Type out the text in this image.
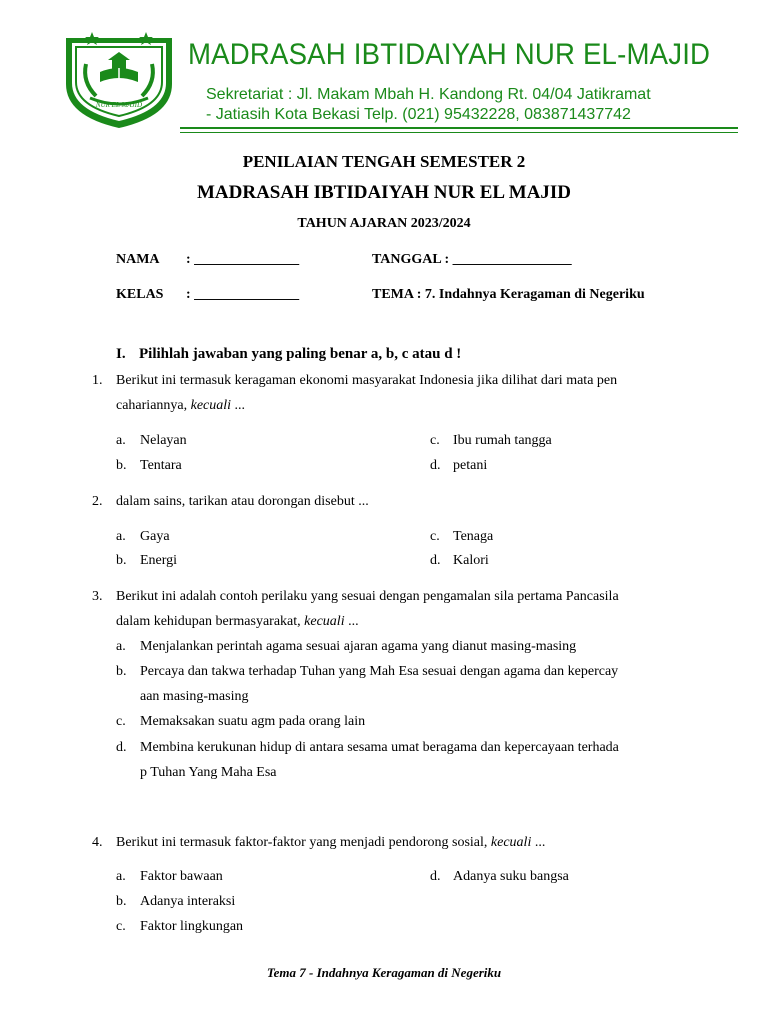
NUR EL MAJID
MADRASAH IBTIDAIYAH NUR EL-MAJID
Sekretariat : Jl. Makam Mbah H. Kandong Rt. 04/04 Jatikramat
- Jatiasih Kota Bekasi Telp. (021) 95432228, 083871437742
PENILAIAN TENGAH SEMESTER 2
MADRASAH IBTIDAIYAH NUR EL MAJID
TAHUN AJARAN 2023/2024
NAMA : _______________	TANGGAL : _________________
KELAS : _______________	TEMA : 7. Indahnya Keragaman di Negeriku
I. Pilihlah jawaban yang paling benar a, b, c atau d !
1. Berikut ini termasuk keragaman ekonomi masyarakat Indonesia jika dilihat dari mata pen
cahariannya, kecuali ...
a. Nelayan
b. Tentara
c. Ibu rumah tangga
d. petani
2. dalam sains, tarikan atau dorongan disebut ...
a. Gaya
b. Energi
c. Tenaga
d. Kalori
3. Berikut ini adalah contoh perilaku yang sesuai dengan pengamalan sila pertama Pancasila
dalam kehidupan bermasyarakat, kecuali ...
a. Menjalankan perintah agama sesuai ajaran agama yang dianut masing-masing
b. Percaya dan takwa terhadap Tuhan yang Mah Esa sesuai dengan agama dan kepercay
aan masing-masing
c. Memaksakan suatu agm pada orang lain
d. Membina kerukunan hidup di antara sesama umat beragama dan kepercayaan terhada
p Tuhan Yang Maha Esa
4. Berikut ini termasuk faktor-faktor yang menjadi pendorong sosial, kecuali ...
a. Faktor bawaan
b. Adanya interaksi
c. Faktor lingkungan
d. Adanya suku bangsa
Tema 7 - Indahnya Keragaman di Negeriku
